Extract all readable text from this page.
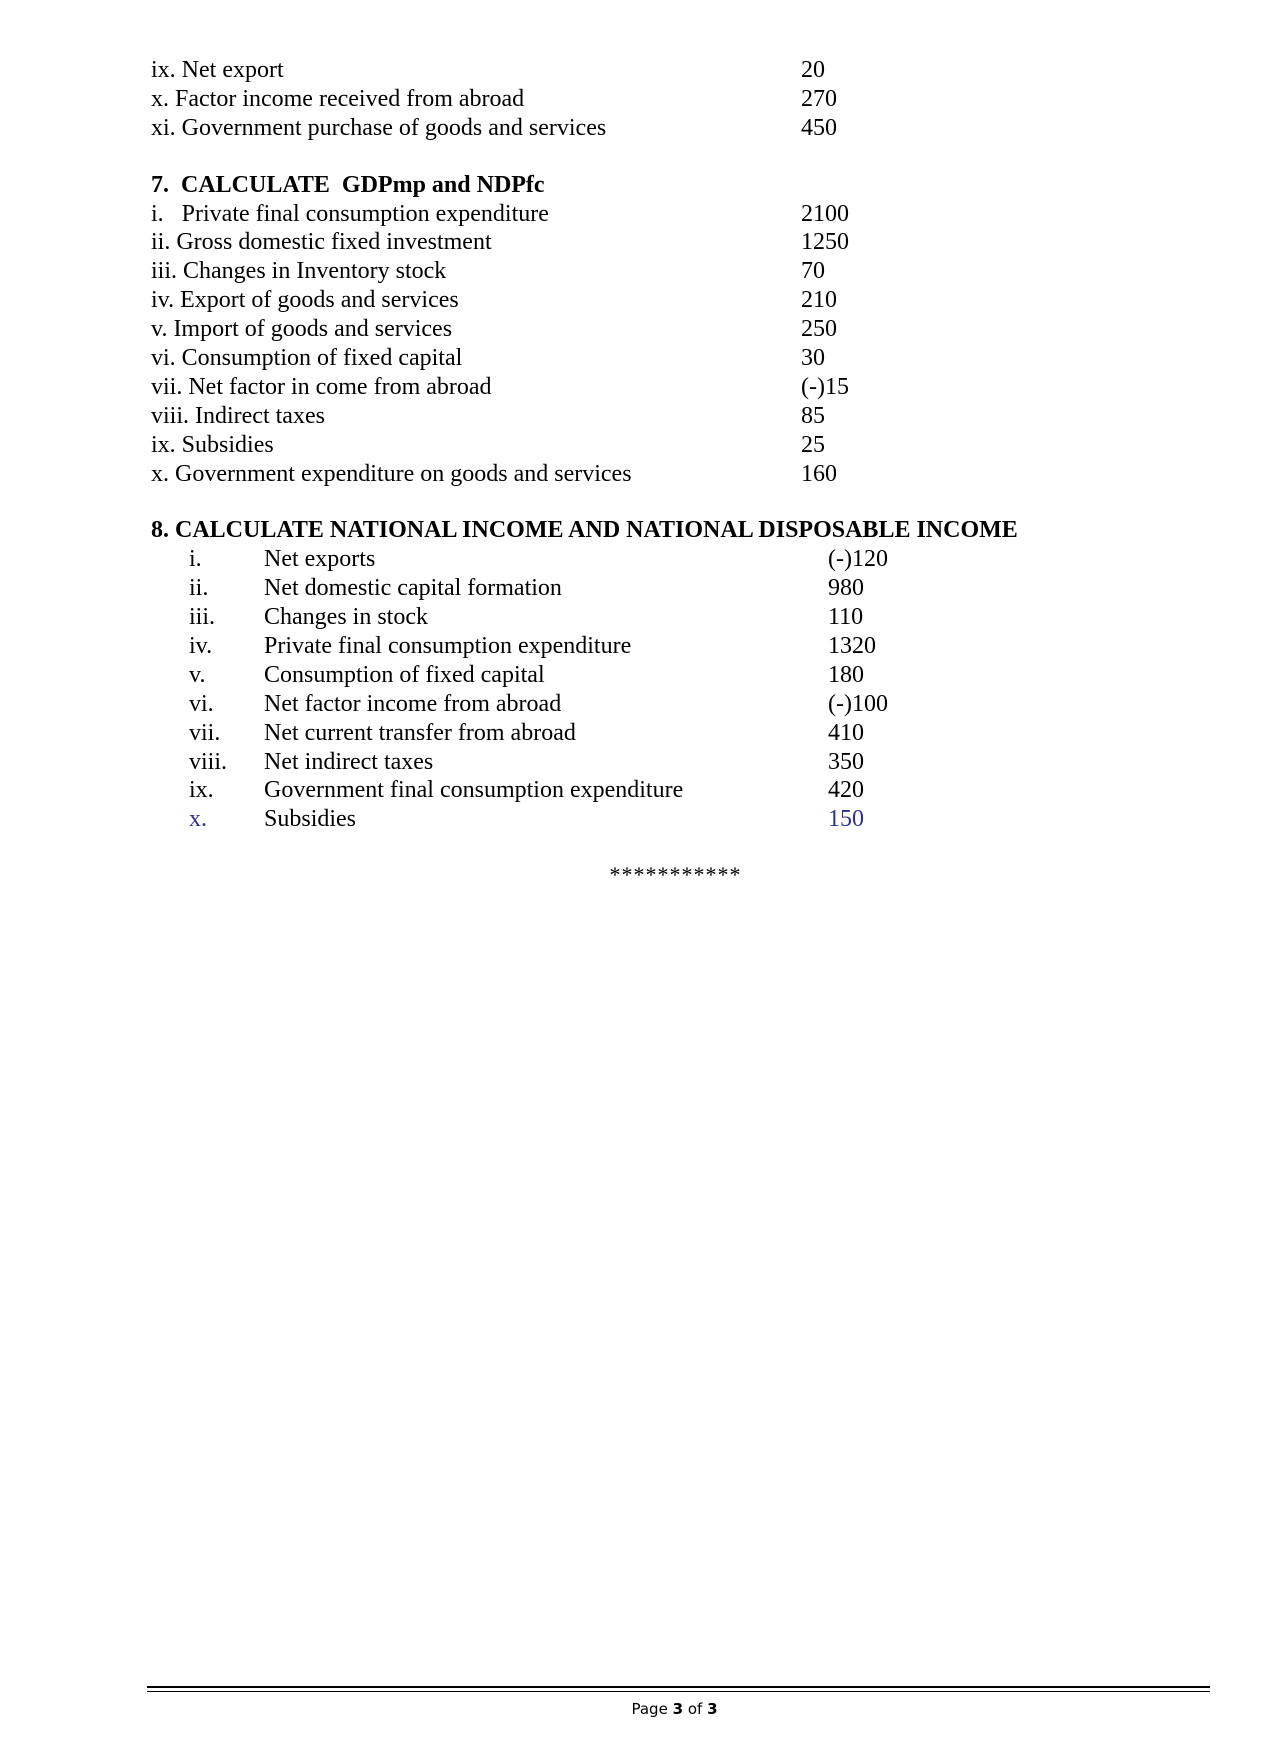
ix. Net export	20
x. Factor income received from abroad	270
xi. Government purchase of goods and services	450
7.  CALCULATE  GDPmp and NDPfc
i.   Private final consumption expenditure	2100
ii. Gross domestic fixed investment	1250
iii. Changes in Inventory stock	70
iv. Export of goods and services	210
v. Import of goods and services	250
vi. Consumption of fixed capital	30
vii. Net factor in come from abroad	(-)15
viii. Indirect taxes	85
ix. Subsidies	25
x. Government expenditure on goods and services	160
8. CALCULATE NATIONAL INCOME AND NATIONAL DISPOSABLE INCOME
i.	Net exports	(-)120
ii.	Net domestic capital formation	980
iii.	Changes in stock	110
iv.	Private final consumption expenditure	1320
v.	Consumption of fixed capital	180
vi.	Net factor income from abroad	(-)100
vii. Net current transfer from abroad	410
viii. Net indirect taxes	350
ix.	Government final consumption expenditure	420
x.	Subsidies	150
***********
Page 3 of 3
